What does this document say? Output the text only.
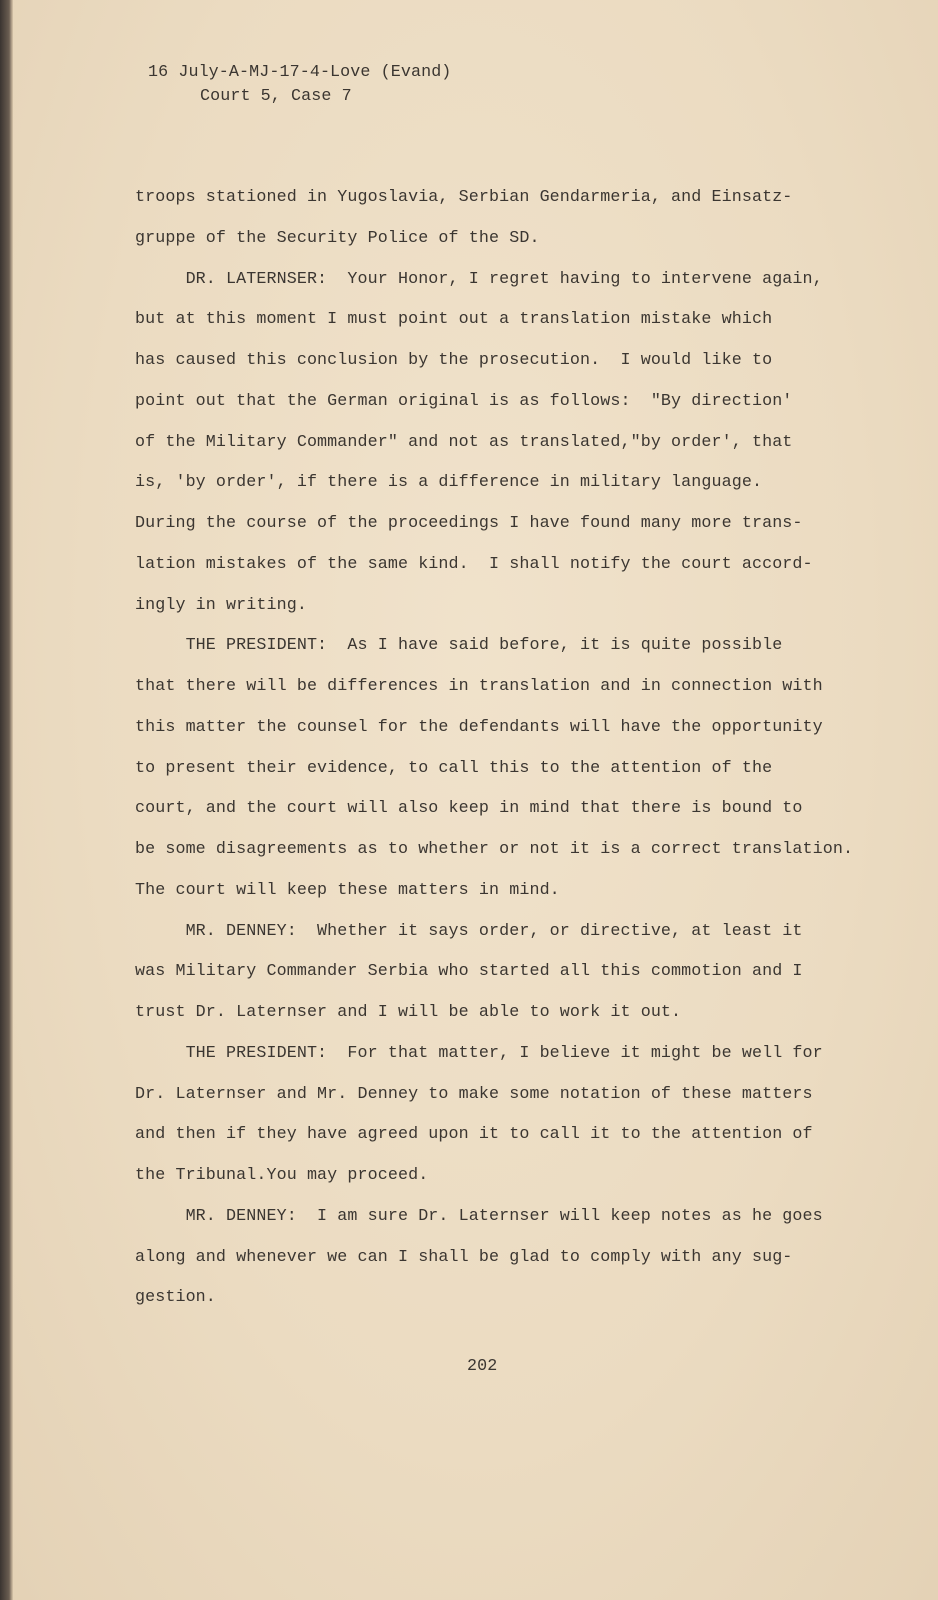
16 July-A-MJ-17-4-Love (Evand)
Court 5, Case 7
troops stationed in Yugoslavia, Serbian Gendarmeria, and Einsatz-
gruppe of the Security Police of the SD.
DR. LATERNSER:  Your Honor, I regret having to intervene again,
but at this moment I must point out a translation mistake which
has caused this conclusion by the prosecution.  I would like to
point out that the German original is as follows:  "By direction'
of the Military Commander" and not as translated,"by order', that
is, 'by order', if there is a difference in military language.
During the course of the proceedings I have found many more trans-
lation mistakes of the same kind.  I shall notify the court accord-
ingly in writing.
THE PRESIDENT:  As I have said before, it is quite possible
that there will be differences in translation and in connection with
this matter the counsel for the defendants will have the opportunity
to present their evidence, to call this to the attention of the
court, and the court will also keep in mind that there is bound to
be some disagreements as to whether or not it is a correct translation.
The court will keep these matters in mind.
MR. DENNEY:  Whether it says order, or directive, at least it
was Military Commander Serbia who started all this commotion and I
trust Dr. Laternser and I will be able to work it out.
THE PRESIDENT:  For that matter, I believe it might be well for
Dr. Laternser and Mr. Denney to make some notation of these matters
and then if they have agreed upon it to call it to the attention of
the Tribunal.You may proceed.
MR. DENNEY:  I am sure Dr. Laternser will keep notes as he goes
along and whenever we can I shall be glad to comply with any sug-
gestion.
202
